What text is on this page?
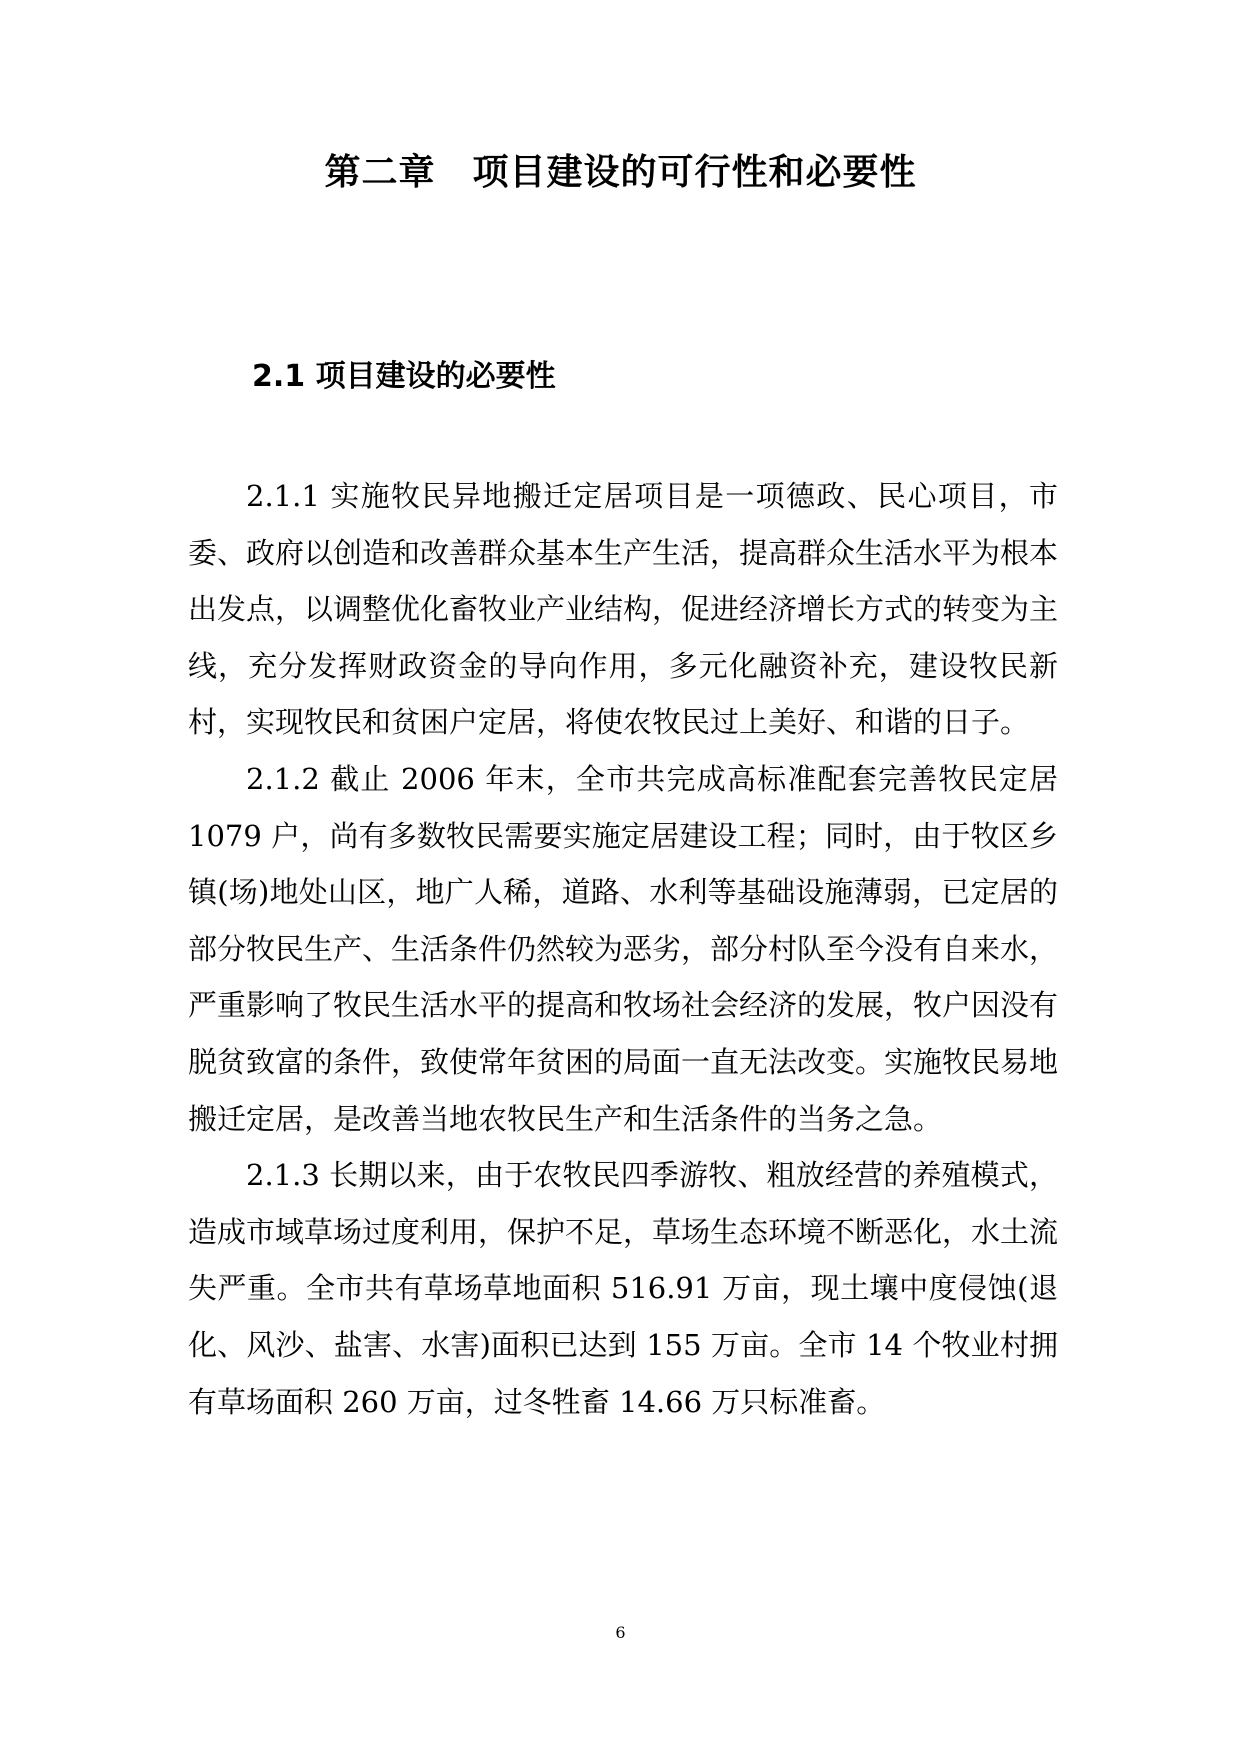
第二章　项目建设的可行性和必要性
2.1 项目建设的必要性

2.1.1 实施牧民异地搬迁定居项目是一项德政、民心项目，市委、政府以创造和改善群众基本生产生活，提高群众生活水平为根本出发点，以调整优化畜牧业产业结构，促进经济增长方式的转变为主线，充分发挥财政资金的导向作用，多元化融资补充，建设牧民新村，实现牧民和贫困户定居，将使农牧民过上美好、和谐的日子。

2.1.2 截止 2006 年末，全市共完成高标准配套完善牧民定居 1079 户，尚有多数牧民需要实施定居建设工程；同时，由于牧区乡镇(场)地处山区，地广人稀，道路、水利等基础设施薄弱，已定居的部分牧民生产、生活条件仍然较为恶劣，部分村队至今没有自来水，严重影响了牧民生活水平的提高和牧场社会经济的发展，牧户因没有脱贫致富的条件，致使常年贫困的局面一直无法改变。实施牧民易地搬迁定居，是改善当地农牧民生产和生活条件的当务之急。

2.1.3 长期以来，由于农牧民四季游牧、粗放经营的养殖模式，造成市域草场过度利用，保护不足，草场生态环境不断恶化，水土流失严重。全市共有草场草地面积 516.91 万亩，现土壤中度侵蚀(退化、风沙、盐害、水害)面积已达到 155 万亩。全市 14 个牧业村拥有草场面积 260 万亩，过冬牲畜 14.66 万只标准畜。

6
